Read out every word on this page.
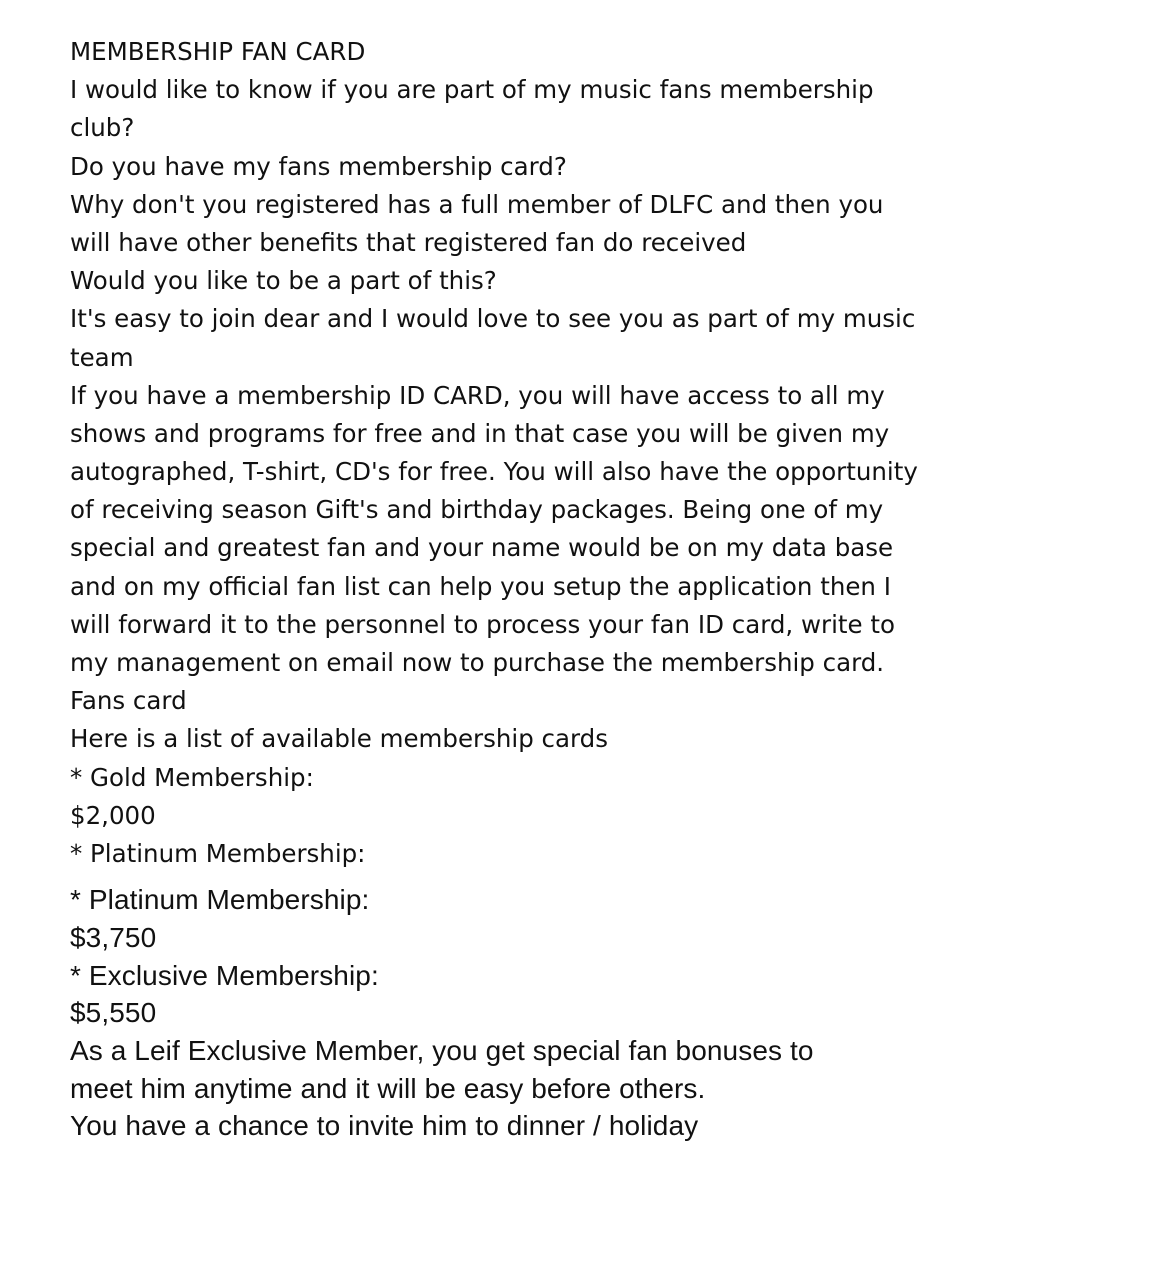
MEMBERSHIP FAN CARD
I would like to know if you are part of my music fans membership
club?
Do you have my fans membership card?
Why don't you registered has a full member of DLFC and then you
will have other benefits that registered fan do received
Would you like to be a part of this?
It's easy to join dear and I would love to see you as part of my music
team
If you have a membership ID CARD, you will have access to all my
shows and programs for free and in that case you will be given my
autographed, T-shirt, CD's for free. You will also have the opportunity
of receiving season Gift's and birthday packages. Being one of my
special and greatest fan and your name would be on my data base
and on my official fan list can help you setup the application then I
will forward it to the personnel to process your fan ID card, write to
my management on email now to purchase the membership card.
Fans card
Here is a list of available membership cards
* Gold Membership:
$2,000
* Platinum Membership:
* Platinum Membership:
$3,750
* Exclusive Membership:
$5,550
As a Leif Exclusive Member, you get special fan bonuses to
meet him anytime and it will be easy before others.
You have a chance to invite him to dinner / holiday
